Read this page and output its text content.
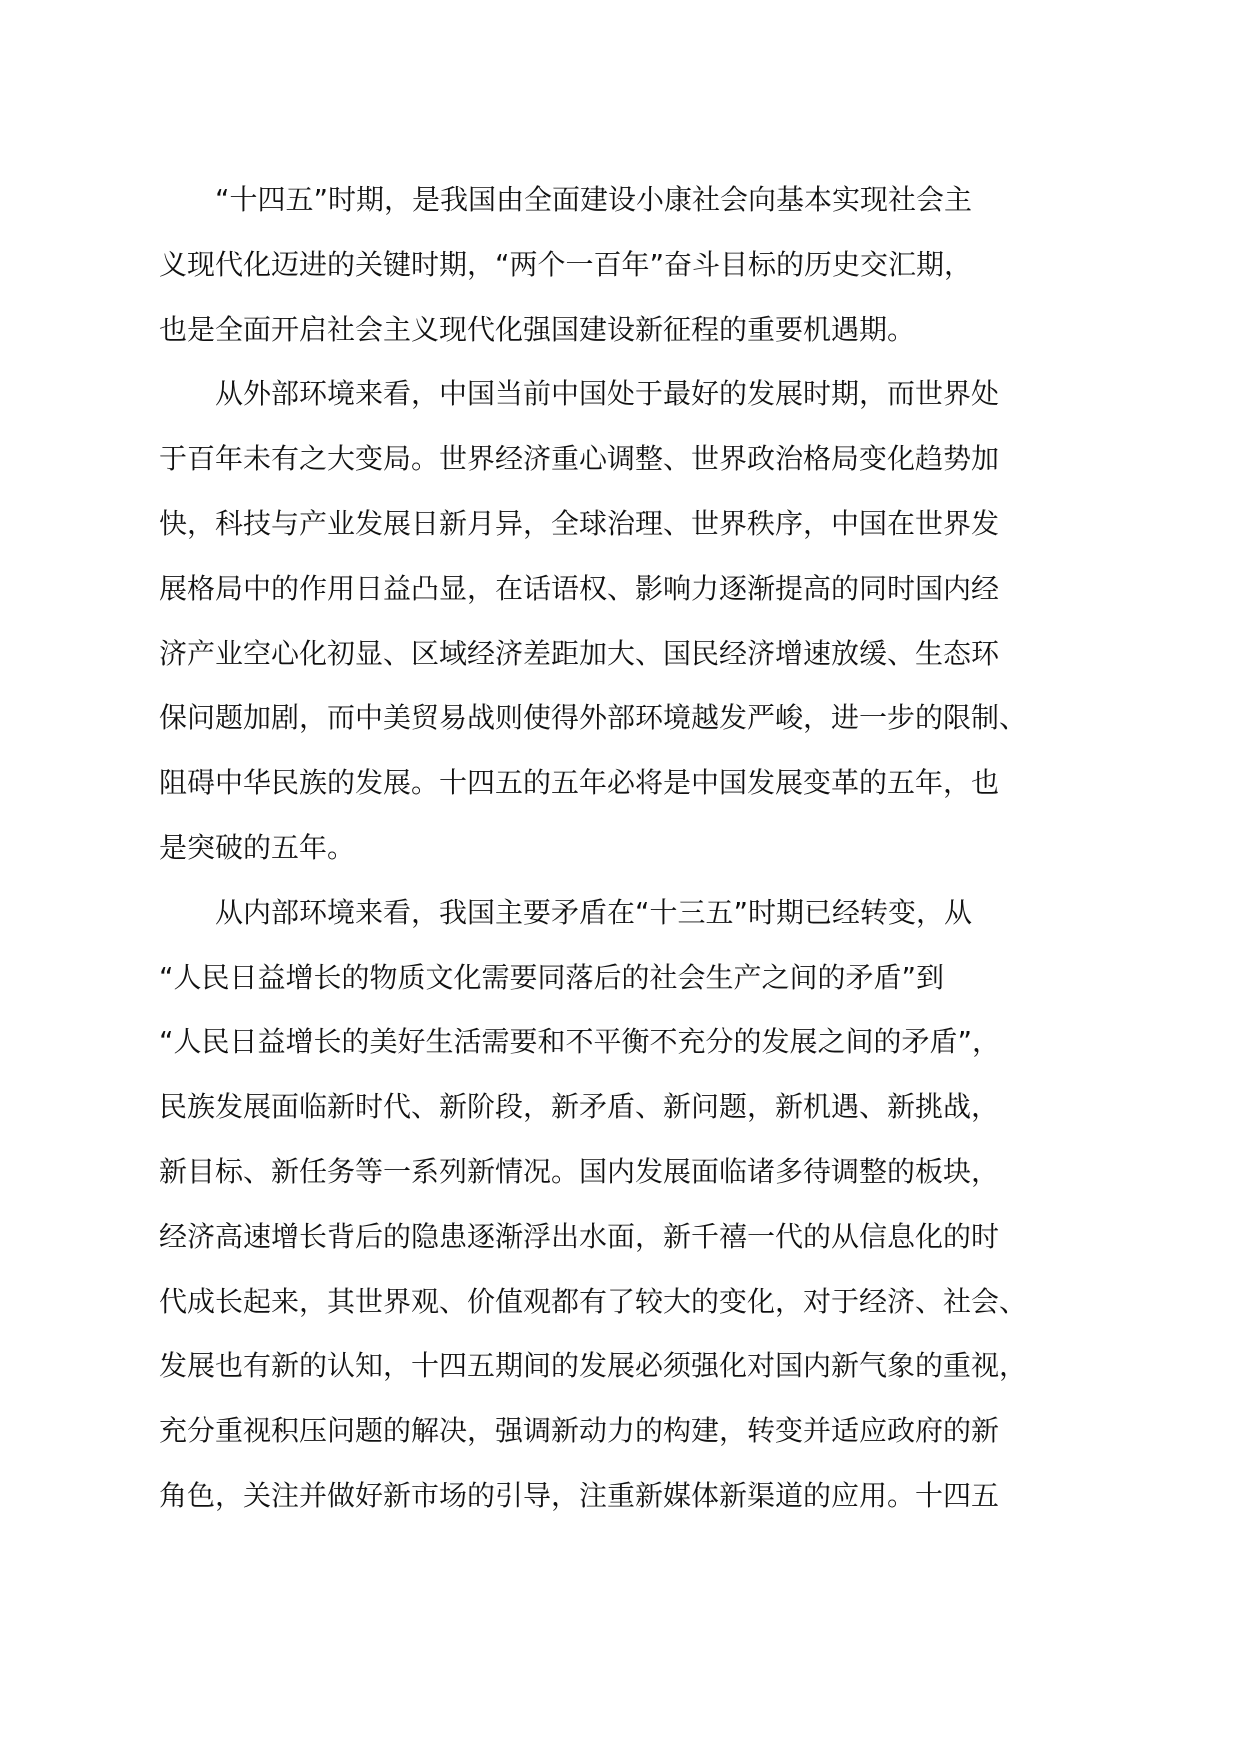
“十四五”时期，是我国由全面建设小康社会向基本实现社会主
义现代化迈进的关键时期，“两个一百年”奋斗目标的历史交汇期，
也是全面开启社会主义现代化强国建设新征程的重要机遇期。
从外部环境来看，中国当前中国处于最好的发展时期，而世界处
于百年未有之大变局。世界经济重心调整、世界政治格局变化趋势加
快，科技与产业发展日新月异，全球治理、世界秩序，中国在世界发
展格局中的作用日益凸显，在话语权、影响力逐渐提高的同时国内经
济产业空心化初显、区域经济差距加大、国民经济增速放缓、生态环
保问题加剧，而中美贸易战则使得外部环境越发严峻，进一步的限制、
阻碍中华民族的发展。十四五的五年必将是中国发展变革的五年，也
是突破的五年。
从内部环境来看，我国主要矛盾在“十三五”时期已经转变，从
“人民日益增长的物质文化需要同落后的社会生产之间的矛盾”到
“人民日益增长的美好生活需要和不平衡不充分的发展之间的矛盾”，
民族发展面临新时代、新阶段，新矛盾、新问题，新机遇、新挑战，
新目标、新任务等一系列新情况。国内发展面临诸多待调整的板块，
经济高速增长背后的隐患逐渐浮出水面，新千禧一代的从信息化的时
代成长起来，其世界观、价值观都有了较大的变化，对于经济、社会、
发展也有新的认知，十四五期间的发展必须强化对国内新气象的重视，
充分重视积压问题的解决，强调新动力的构建，转变并适应政府的新
角色，关注并做好新市场的引导，注重新媒体新渠道的应用。十四五
